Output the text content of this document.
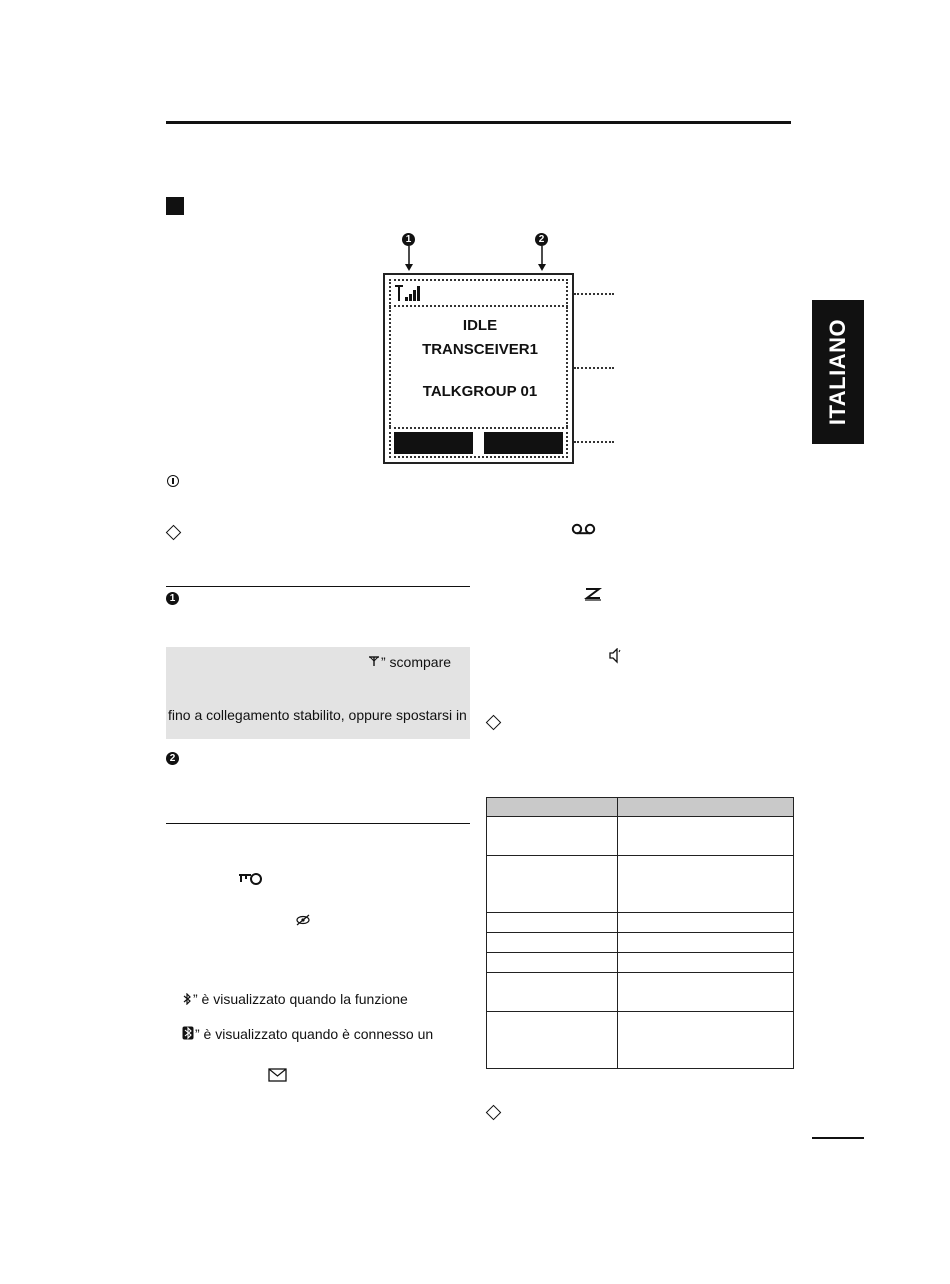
ITALIANO
1	2
IDLE
TRANSCEIVER1
TALKGROUP 01
1
” scompare
fino a collegamento stabilito, oppure spostarsi in
2
” è visualizzato quando la funzione
” è visualizzato quando è connesso un
